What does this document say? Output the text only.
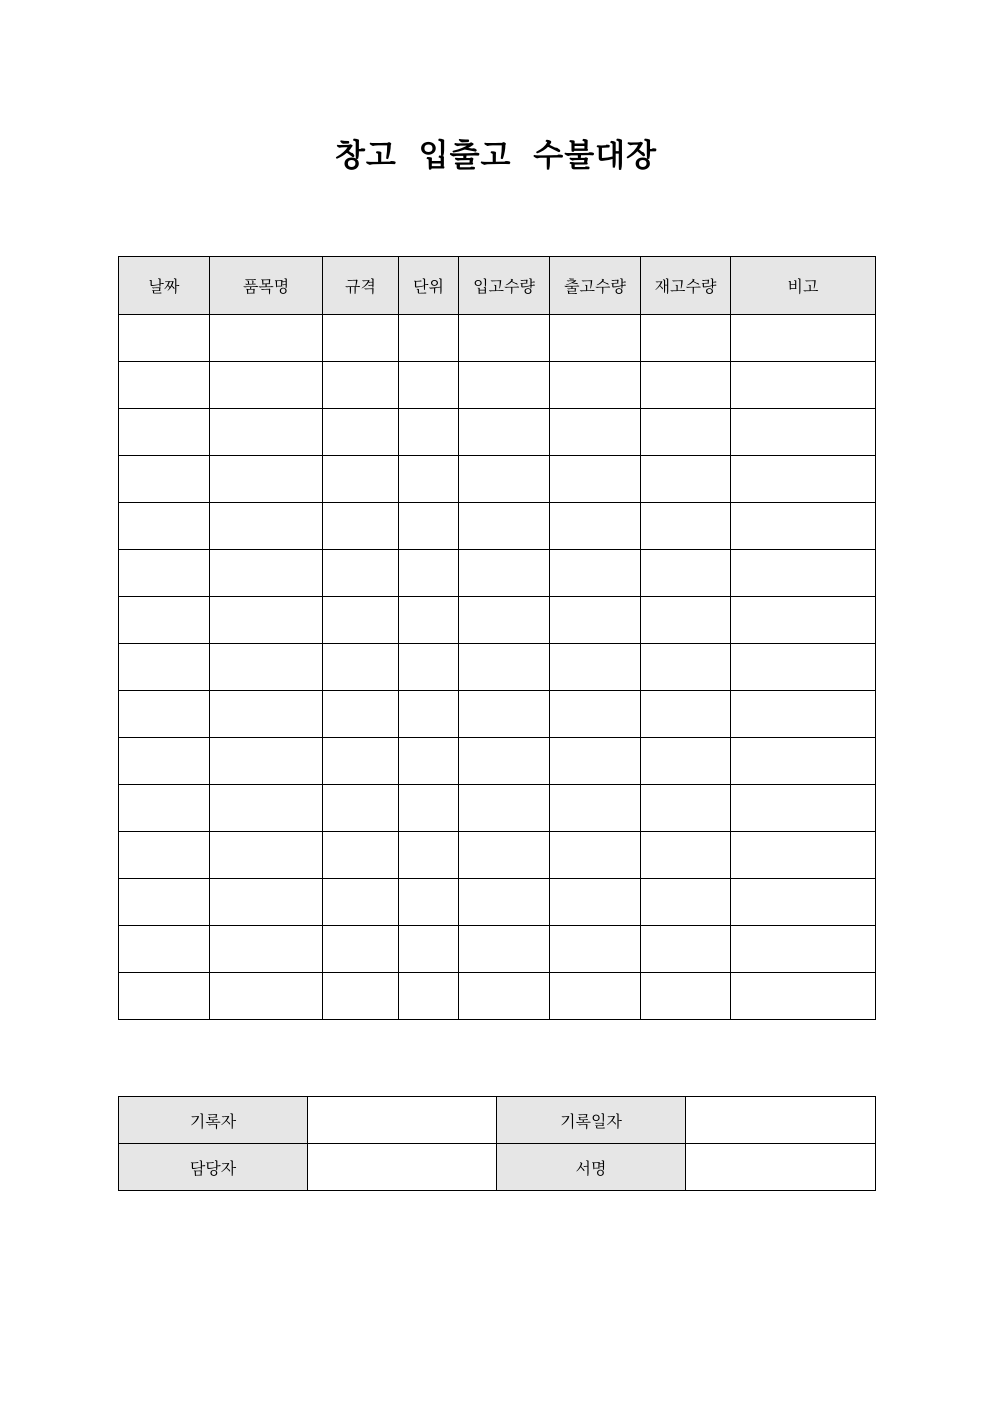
창고 입출고 수불대장
날짜	품목명	규격	단위	입고수량	출고수량	재고수량	비고

기록자		기록일자	
담당자		서명	
